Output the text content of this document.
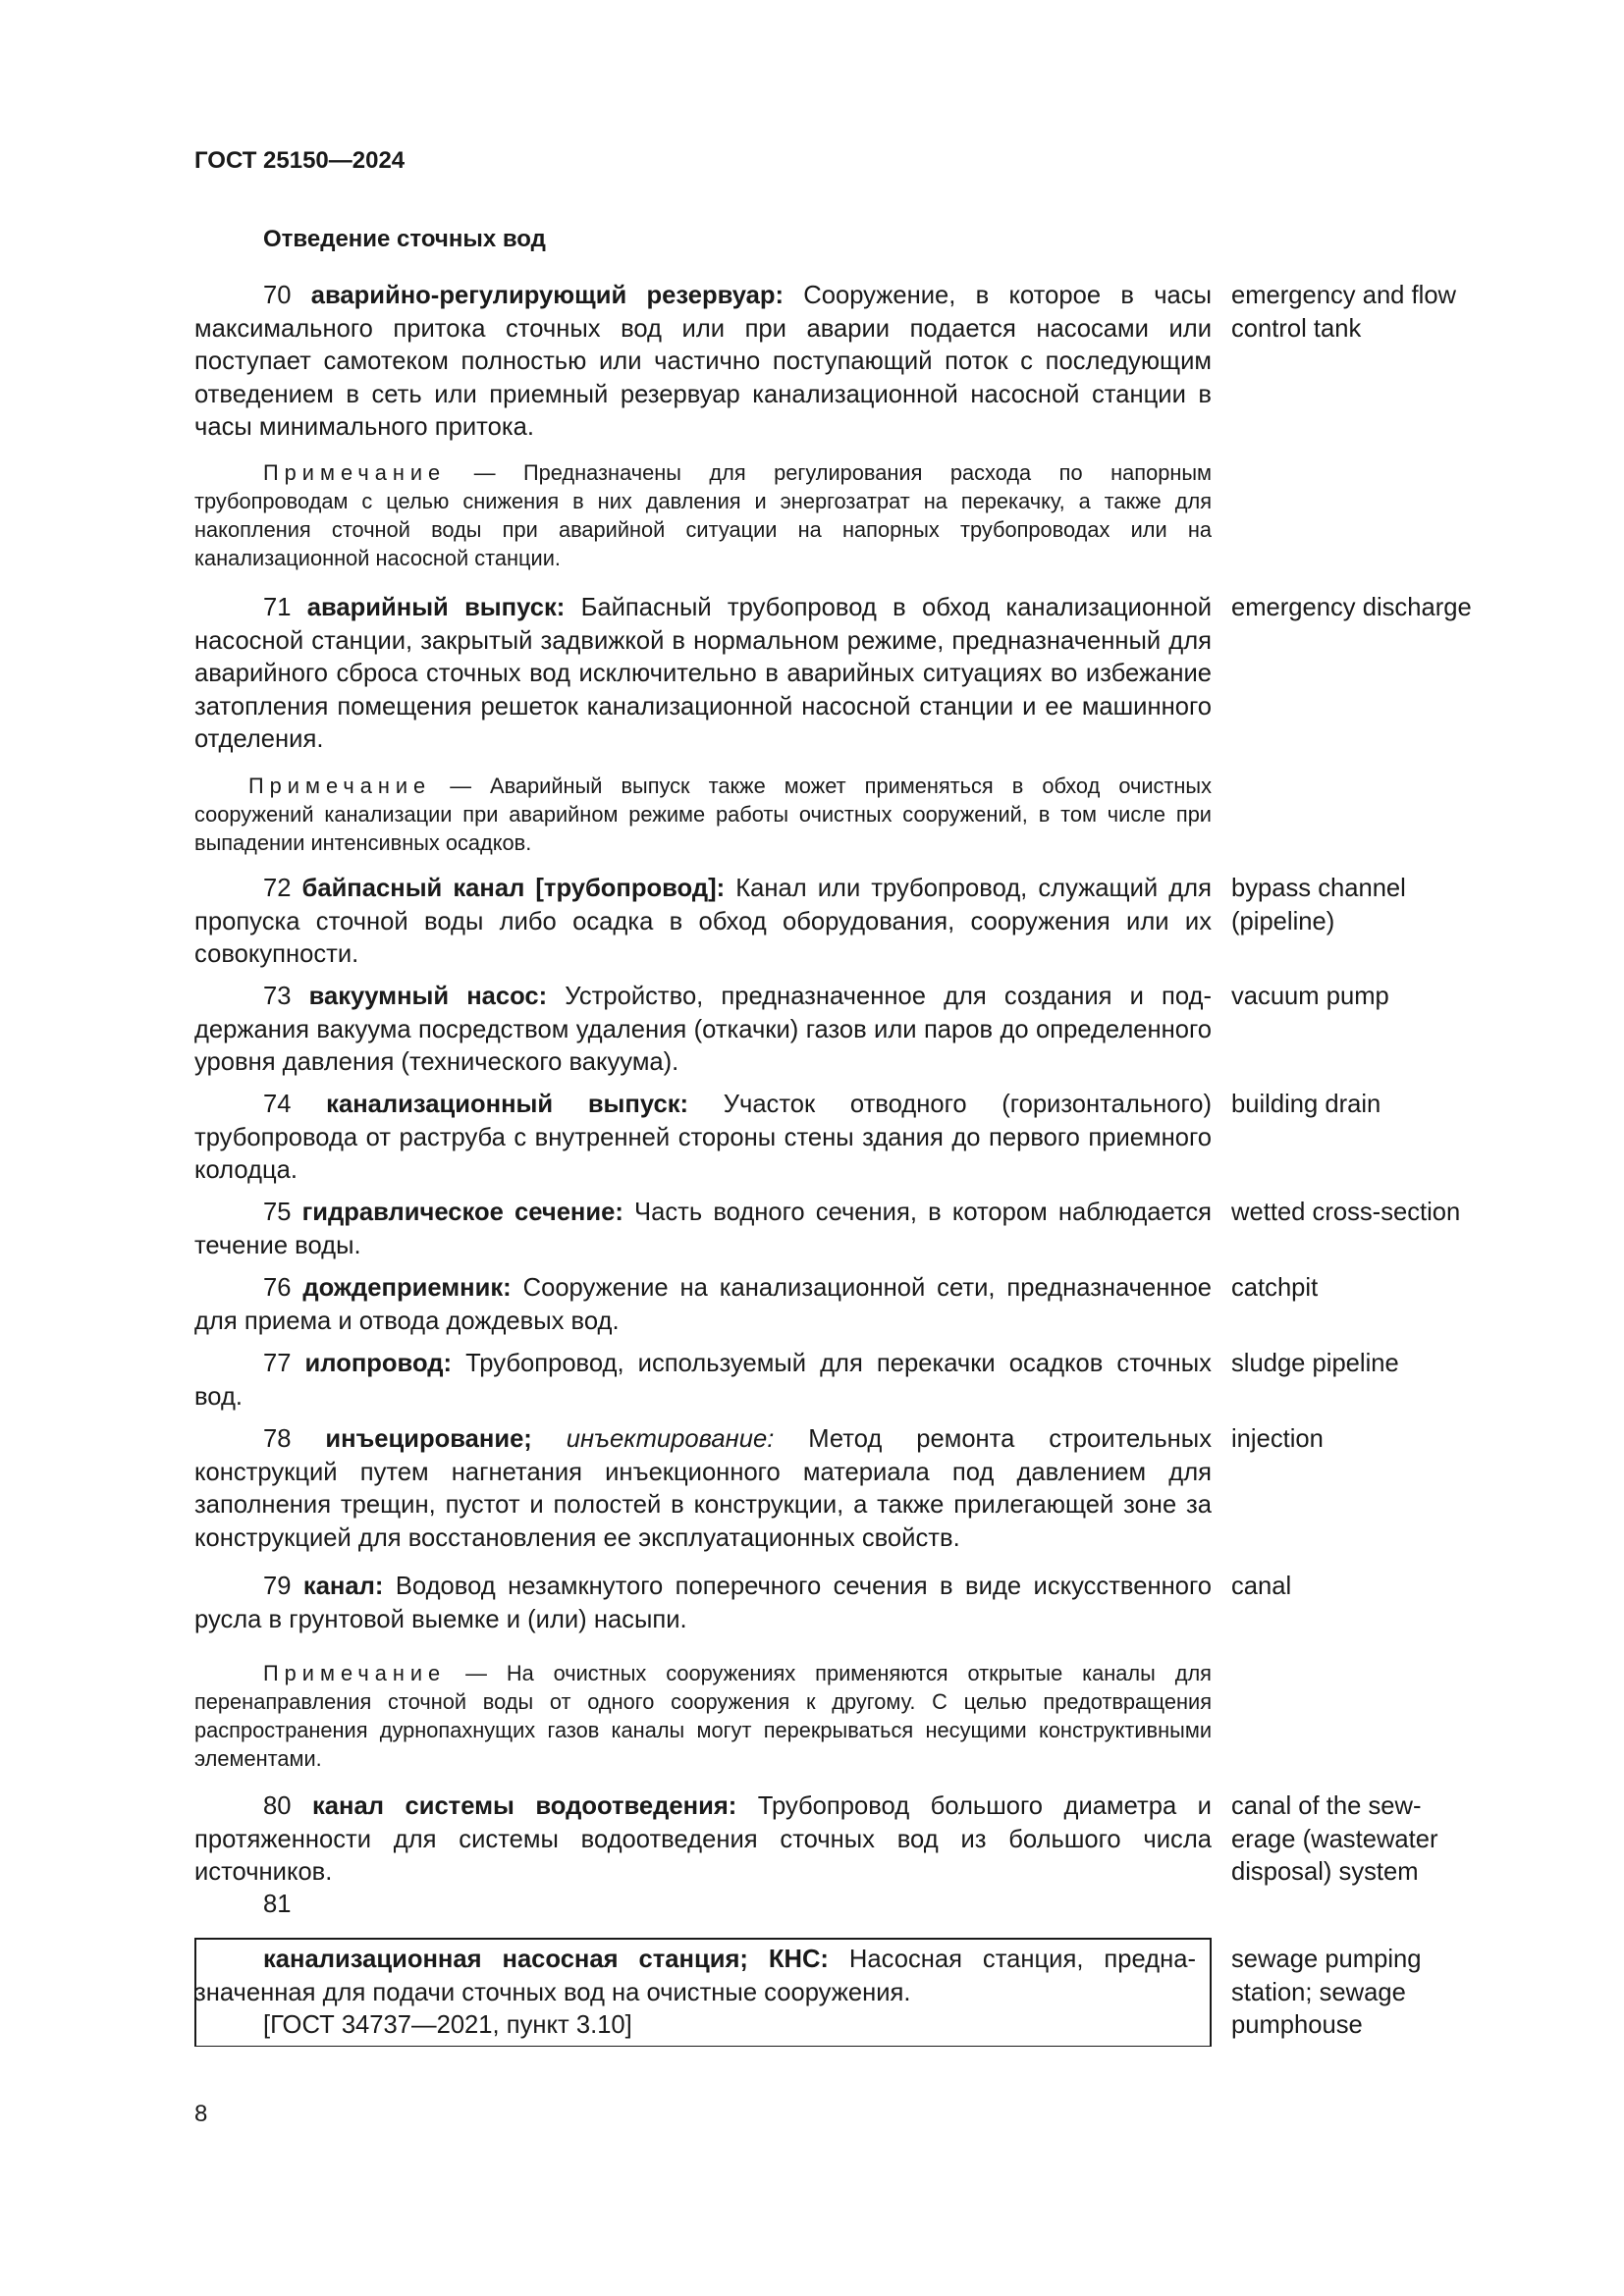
ГОСТ 25150—2024
Отведение сточных вод
70 аварийно-регулирующий резервуар: Сооружение, в которое в часы максимального притока сточных вод или при аварии подается насосами или поступает самотеком полностью или частично поступающий поток с последующим отведением в сеть или приемный резервуар канализационной насосной станции в часы минимального притока.
emergency and flow control tank
Примечание — Предназначены для регулирования расхода по напорным трубопроводам с целью снижения в них давления и энергозатрат на перекачку, а также для накопления сточной воды при аварийной ситуации на напорных трубопроводах или на канализационной насосной станции.
71 аварийный выпуск: Байпасный трубопровод в обход канализационной насосной станции, закрытый задвижкой в нормальном режиме, предназначенный для аварийного сброса сточных вод исключительно в аварийных ситуациях во избежание затопления помещения решеток канализационной насосной станции и ее машинного отделения.
emergency discharge
Примечание — Аварийный выпуск также может применяться в обход очистных сооружений канализации при аварийном режиме работы очистных сооружений, в том числе при выпадении интенсивных осадков.
72 байпасный канал [трубопровод]: Канал или трубопровод, служащий для пропуска сточной воды либо осадка в обход оборудования, сооружения или их совокупности.
bypass channel (pipeline)
73 вакуумный насос: Устройство, предназначенное для создания и поддержания вакуума посредством удаления (откачки) газов или паров до определенного уровня давления (технического вакуума).
vacuum pump
74 канализационный выпуск: Участок отводного (горизонтального) трубопровода от раструба с внутренней стороны стены здания до первого приемного колодца.
building drain
75 гидравлическое сечение: Часть водного сечения, в котором наблюдается течение воды.
wetted cross-section
76 дождеприемник: Сооружение на канализационной сети, предназначенное для приема и отвода дождевых вод.
catchpit
77 илопровод: Трубопровод, используемый для перекачки осадков сточных вод.
sludge pipeline
78 инъецирование; инъектирование: Метод ремонта строительных конструкций путем нагнетания инъекционного материала под давлением для заполнения трещин, пустот и полостей в конструкции, а также прилегающей зоне за конструкцией для восстановления ее эксплуатационных свойств.
injection
79 канал: Водовод незамкнутого поперечного сечения в виде искусственного русла в грунтовой выемке и (или) насыпи.
canal
Примечание — На очистных сооружениях применяются открытые каналы для перенаправления сточной воды от одного сооружения к другому. С целью предотвращения распространения дурнопахнущих газов каналы могут перекрываться несущими конструктивными элементами.
80 канал системы водоотведения: Трубопровод большого диаметра и протяженности для системы водоотведения сточных вод из большого числа источников.
canal of the sewerage (wastewater disposal) system
81
канализационная насосная станция; КНС: Насосная станция, предназначенная для подачи сточных вод на очистные сооружения.
[ГОСТ 34737—2021, пункт 3.10]
sewage pumping station; sewage pumphouse
8
